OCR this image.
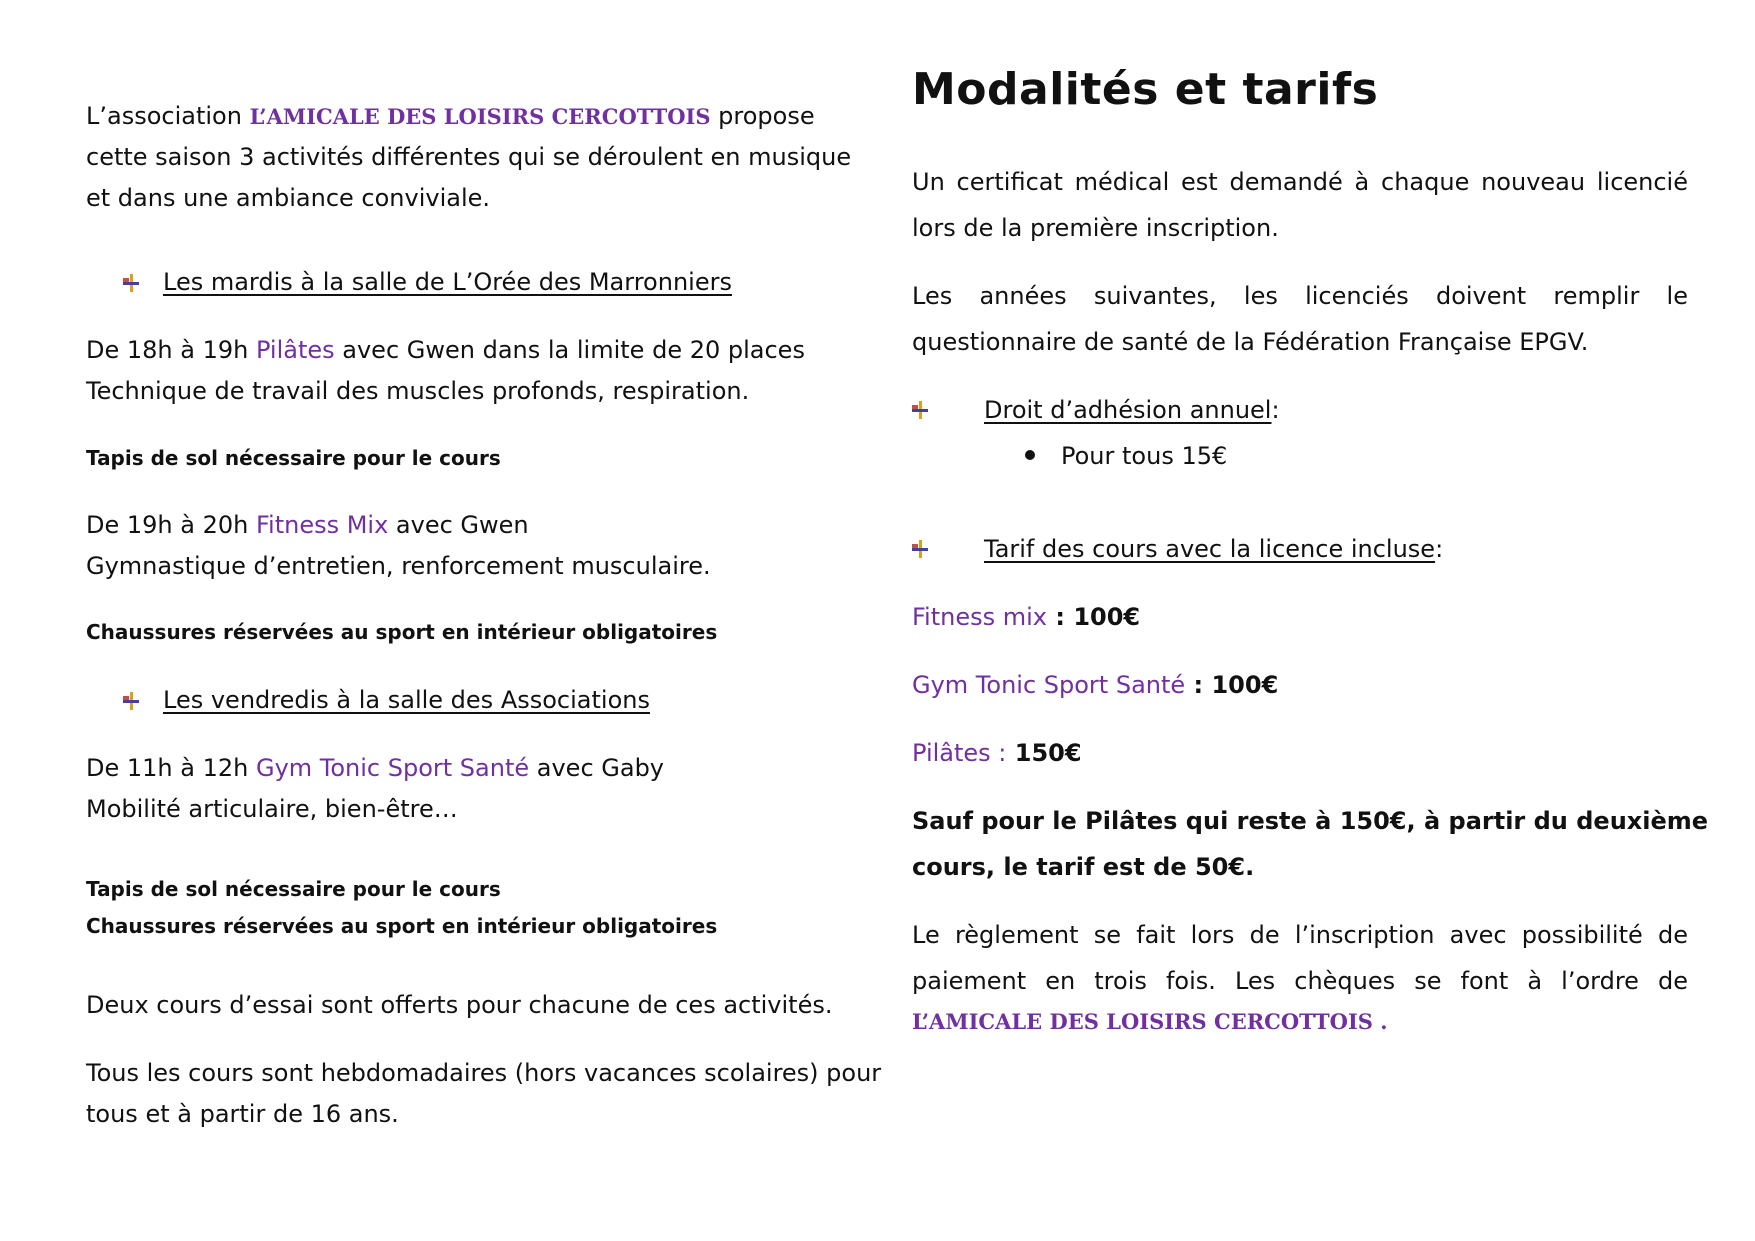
L’association L’AMICALE DES LOISIRS CERCOTTOIS propose
cette saison 3 activités différentes qui se déroulent en musique
et dans une ambiance conviviale.
Les mardis à la salle de L’Orée des Marronniers
De 18h à 19h Pilâtes avec Gwen dans la limite de 20 places
Technique de travail des muscles profonds, respiration.
Tapis de sol nécessaire pour le cours
De 19h à 20h Fitness Mix avec Gwen
Gymnastique d’entretien, renforcement musculaire.
Chaussures réservées au sport en intérieur obligatoires
Les vendredis à la salle des Associations
De 11h à 12h Gym Tonic Sport Santé avec Gaby
Mobilité articulaire, bien-être…
Tapis de sol nécessaire pour le cours
Chaussures réservées au sport en intérieur obligatoires
Deux cours d’essai sont offerts pour chacune de ces activités.
Tous les cours sont hebdomadaires (hors vacances scolaires) pour
tous et à partir de 16 ans.
Modalités et tarifs
Un certificat médical est demandé à chaque nouveau licencié lors de la première inscription.
Les années suivantes, les licenciés doivent remplir le questionnaire de santé de la Fédération Française EPGV.
Droit d’adhésion annuel :
Pour tous 15€
Tarif des cours avec la licence incluse :
Fitness mix : 100€
Gym Tonic Sport Santé : 100€
Pilâtes : 150€
Sauf pour le Pilâtes qui reste à 150€, à partir du deuxième
cours, le tarif est de 50€.
Le règlement se fait lors de l’inscription avec possibilité de
paiement en trois fois. Les chèques se font à l’ordre de
L’AMICALE DES LOISIRS CERCOTTOIS .
